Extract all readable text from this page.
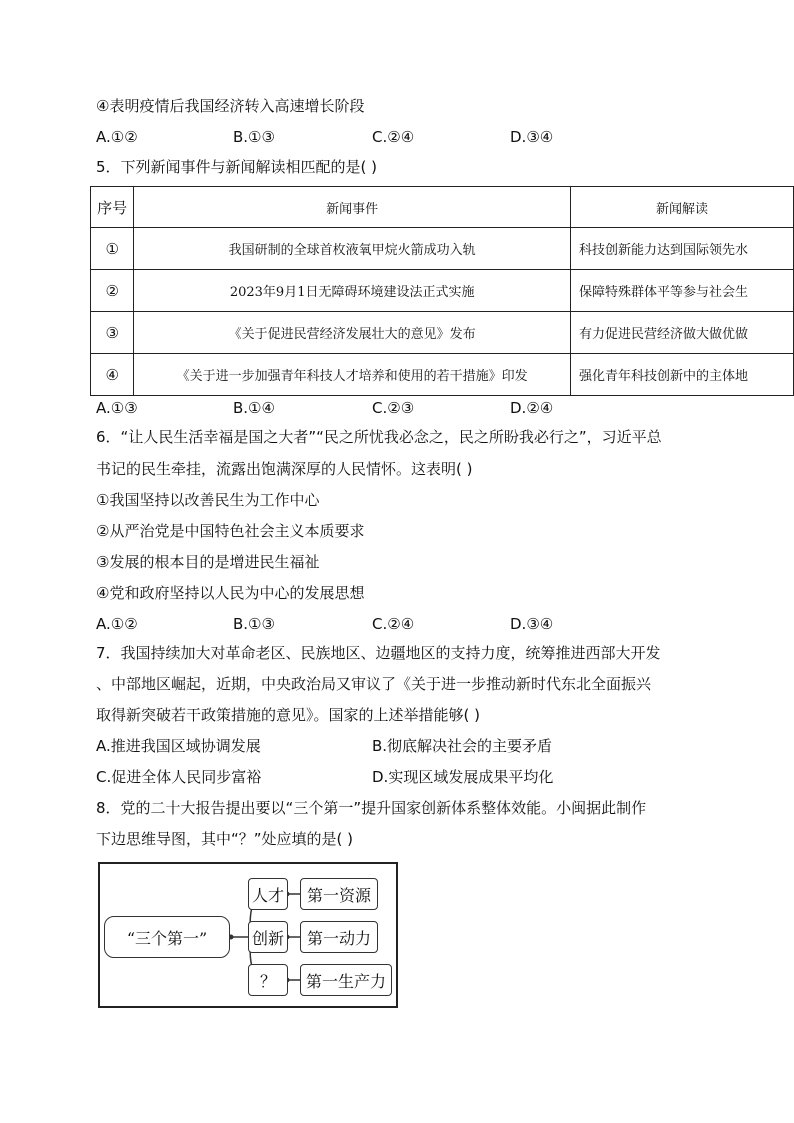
④表明疫情后我国经济转入高速增长阶段
A.①②	B.①③	C.②④	D.③④
5．下列新闻事件与新闻解读相匹配的是( )
序号	新闻事件	新闻解读
①	我国研制的全球首枚液氧甲烷火箭成功入轨	科技创新能力达到国际领先水
②	2023年9月1日无障碍环境建设法正式实施	保障特殊群体平等参与社会生
③	《关于促进民营经济发展壮大的意见》发布	有力促进民营经济做大做优做
④	《关于进一步加强青年科技人才培养和使用的若干措施》印发	强化青年科技创新中的主体地
A.①③	B.①④	C.②③	D.②④
6．“让人民生活幸福是国之大者”“民之所忧我必念之，民之所盼我必行之”，习近平总
书记的民生牵挂，流露出饱满深厚的人民情怀。这表明( )
①我国坚持以改善民生为工作中心
②从严治党是中国特色社会主义本质要求
③发展的根本目的是增进民生福祉
④党和政府坚持以人民为中心的发展思想
A.①②	B.①③	C.②④	D.③④
7．我国持续加大对革命老区、民族地区、边疆地区的支持力度，统筹推进西部大开发
、中部地区崛起，近期，中央政治局又审议了《关于进一步推动新时代东北全面振兴
取得新突破若干政策措施的意见》。国家的上述举措能够( )
A.推进我国区域协调发展	B.彻底解决社会的主要矛盾
C.促进全体人民同步富裕	D.实现区域发展成果平均化
8．党的二十大报告提出要以“三个第一”提升国家创新体系整体效能。小闽据此制作
下边思维导图，其中“？”处应填的是( )
“三个第一”
人才	第一资源
创新	第一动力
？	第一生产力
